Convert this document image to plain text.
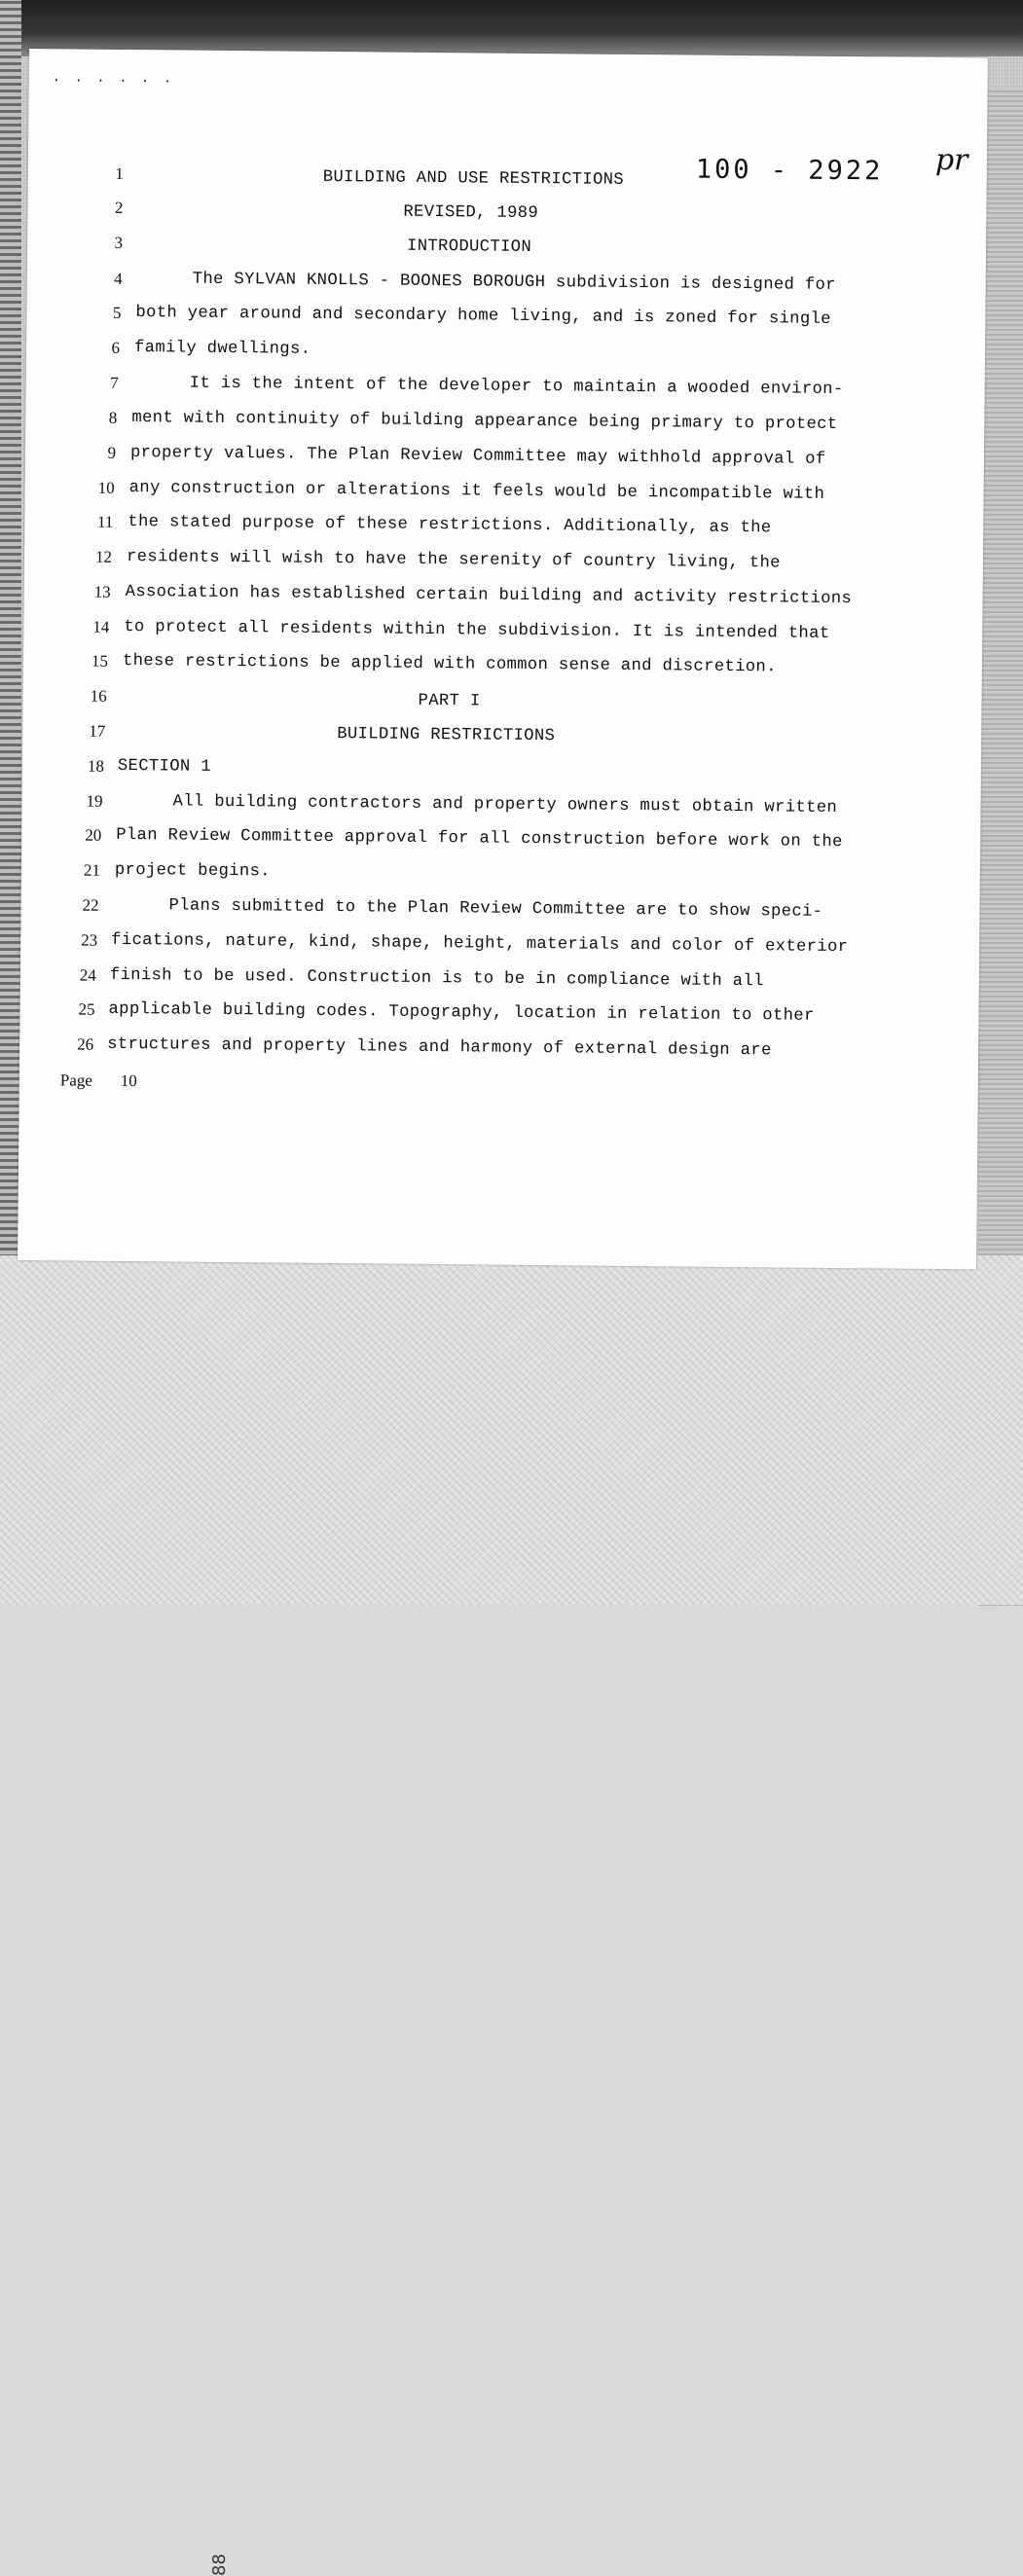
88
. . . . . .
100 - 2922 pr
1
2
3
4
5
6
7
8
9
10
11
12
13
14
15
16
17
18
19
20
21
22
23
24
25
26
BUILDING AND USE RESTRICTIONS
REVISED, 1989
INTRODUCTION
The SYLVAN KNOLLS - BOONES BOROUGH subdivision is designed for
both year around and secondary home living, and is zoned for single
family dwellings.
It is the intent of the developer to maintain a wooded environ-
ment with continuity of building appearance being primary to protect
property values. The Plan Review Committee may withhold approval of
any construction or alterations it feels would be incompatible with
the stated purpose of these restrictions. Additionally, as the
residents will wish to have the serenity of country living, the
Association has established certain building and activity restrictions
to protect all residents within the subdivision. It is intended that
these restrictions be applied with common sense and discretion.
PART I
BUILDING RESTRICTIONS
SECTION 1
All building contractors and property owners must obtain written
Plan Review Committee approval for all construction before work on the
project begins.
Plans submitted to the Plan Review Committee are to show speci-
fications, nature, kind, shape, height, materials and color of exterior
finish to be used. Construction is to be in compliance with all
applicable building codes. Topography, location in relation to other
structures and property lines and harmony of external design are
Page 10
